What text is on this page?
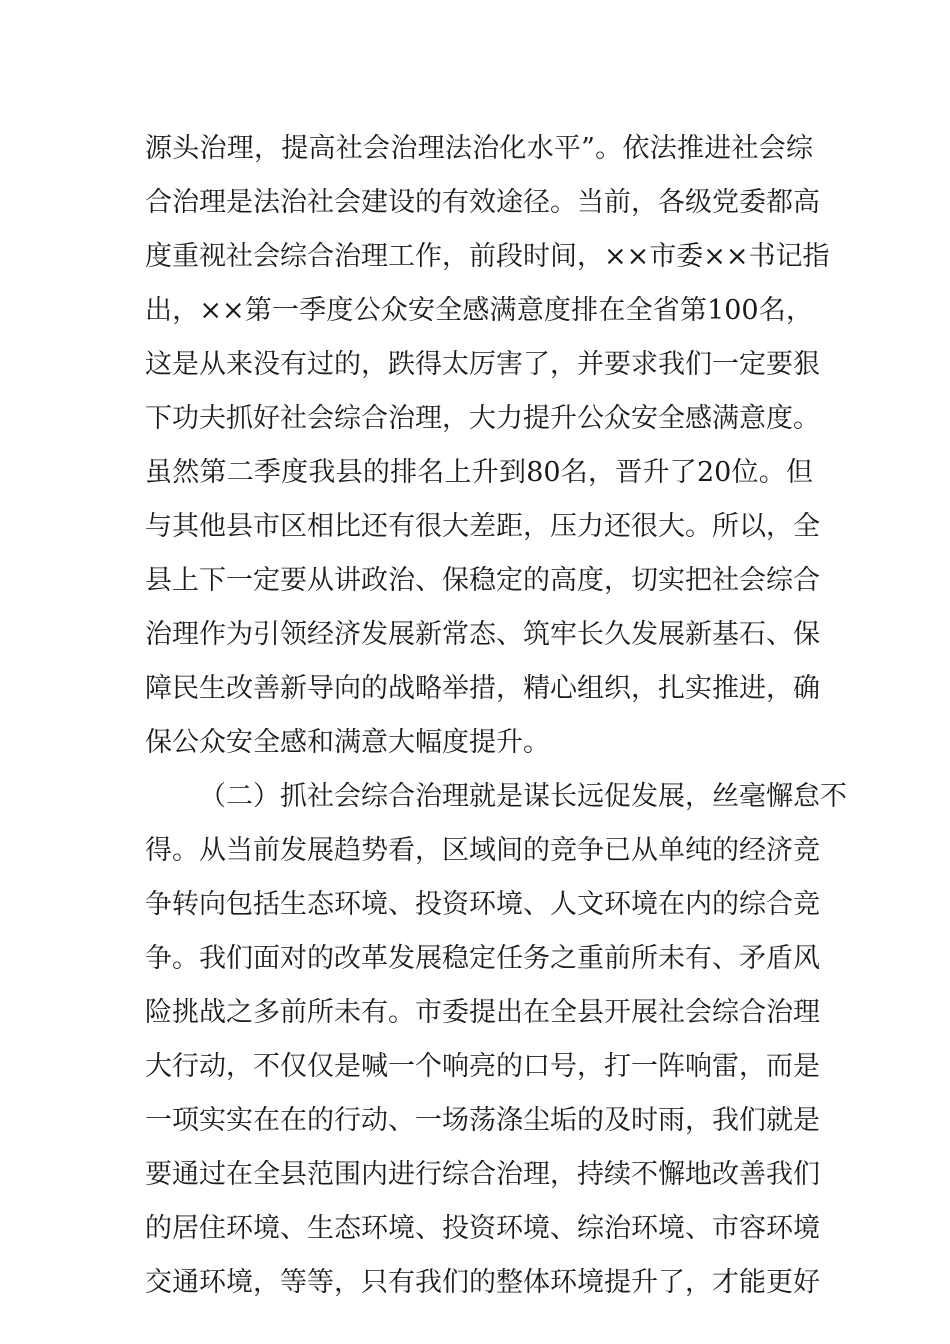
源头治理，提高社会治理法治化水平”。依法推进社会综
合治理是法治社会建设的有效途径。当前，各级党委都高
度重视社会综合治理工作，前段时间，××市委××书记指
出，××第一季度公众安全感满意度排在全省第100名，
这是从来没有过的，跌得太厉害了，并要求我们一定要狠
下功夫抓好社会综合治理，大力提升公众安全感满意度。
虽然第二季度我县的排名上升到80名，晋升了20位。但
与其他县市区相比还有很大差距，压力还很大。所以，全
县上下一定要从讲政治、保稳定的高度，切实把社会综合
治理作为引领经济发展新常态、筑牢长久发展新基石、保
障民生改善新导向的战略举措，精心组织，扎实推进，确
保公众安全感和满意大幅度提升。
（二）抓社会综合治理就是谋长远促发展，丝毫懈怠不
得。从当前发展趋势看，区域间的竞争已从单纯的经济竞
争转向包括生态环境、投资环境、人文环境在内的综合竞
争。我们面对的改革发展稳定任务之重前所未有、矛盾风
险挑战之多前所未有。市委提出在全县开展社会综合治理
大行动，不仅仅是喊一个响亮的口号，打一阵响雷，而是
一项实实在在的行动、一场荡涤尘垢的及时雨，我们就是
要通过在全县范围内进行综合治理，持续不懈地改善我们
的居住环境、生态环境、投资环境、综治环境、市容环境
交通环境，等等，只有我们的整体环境提升了，才能更好
